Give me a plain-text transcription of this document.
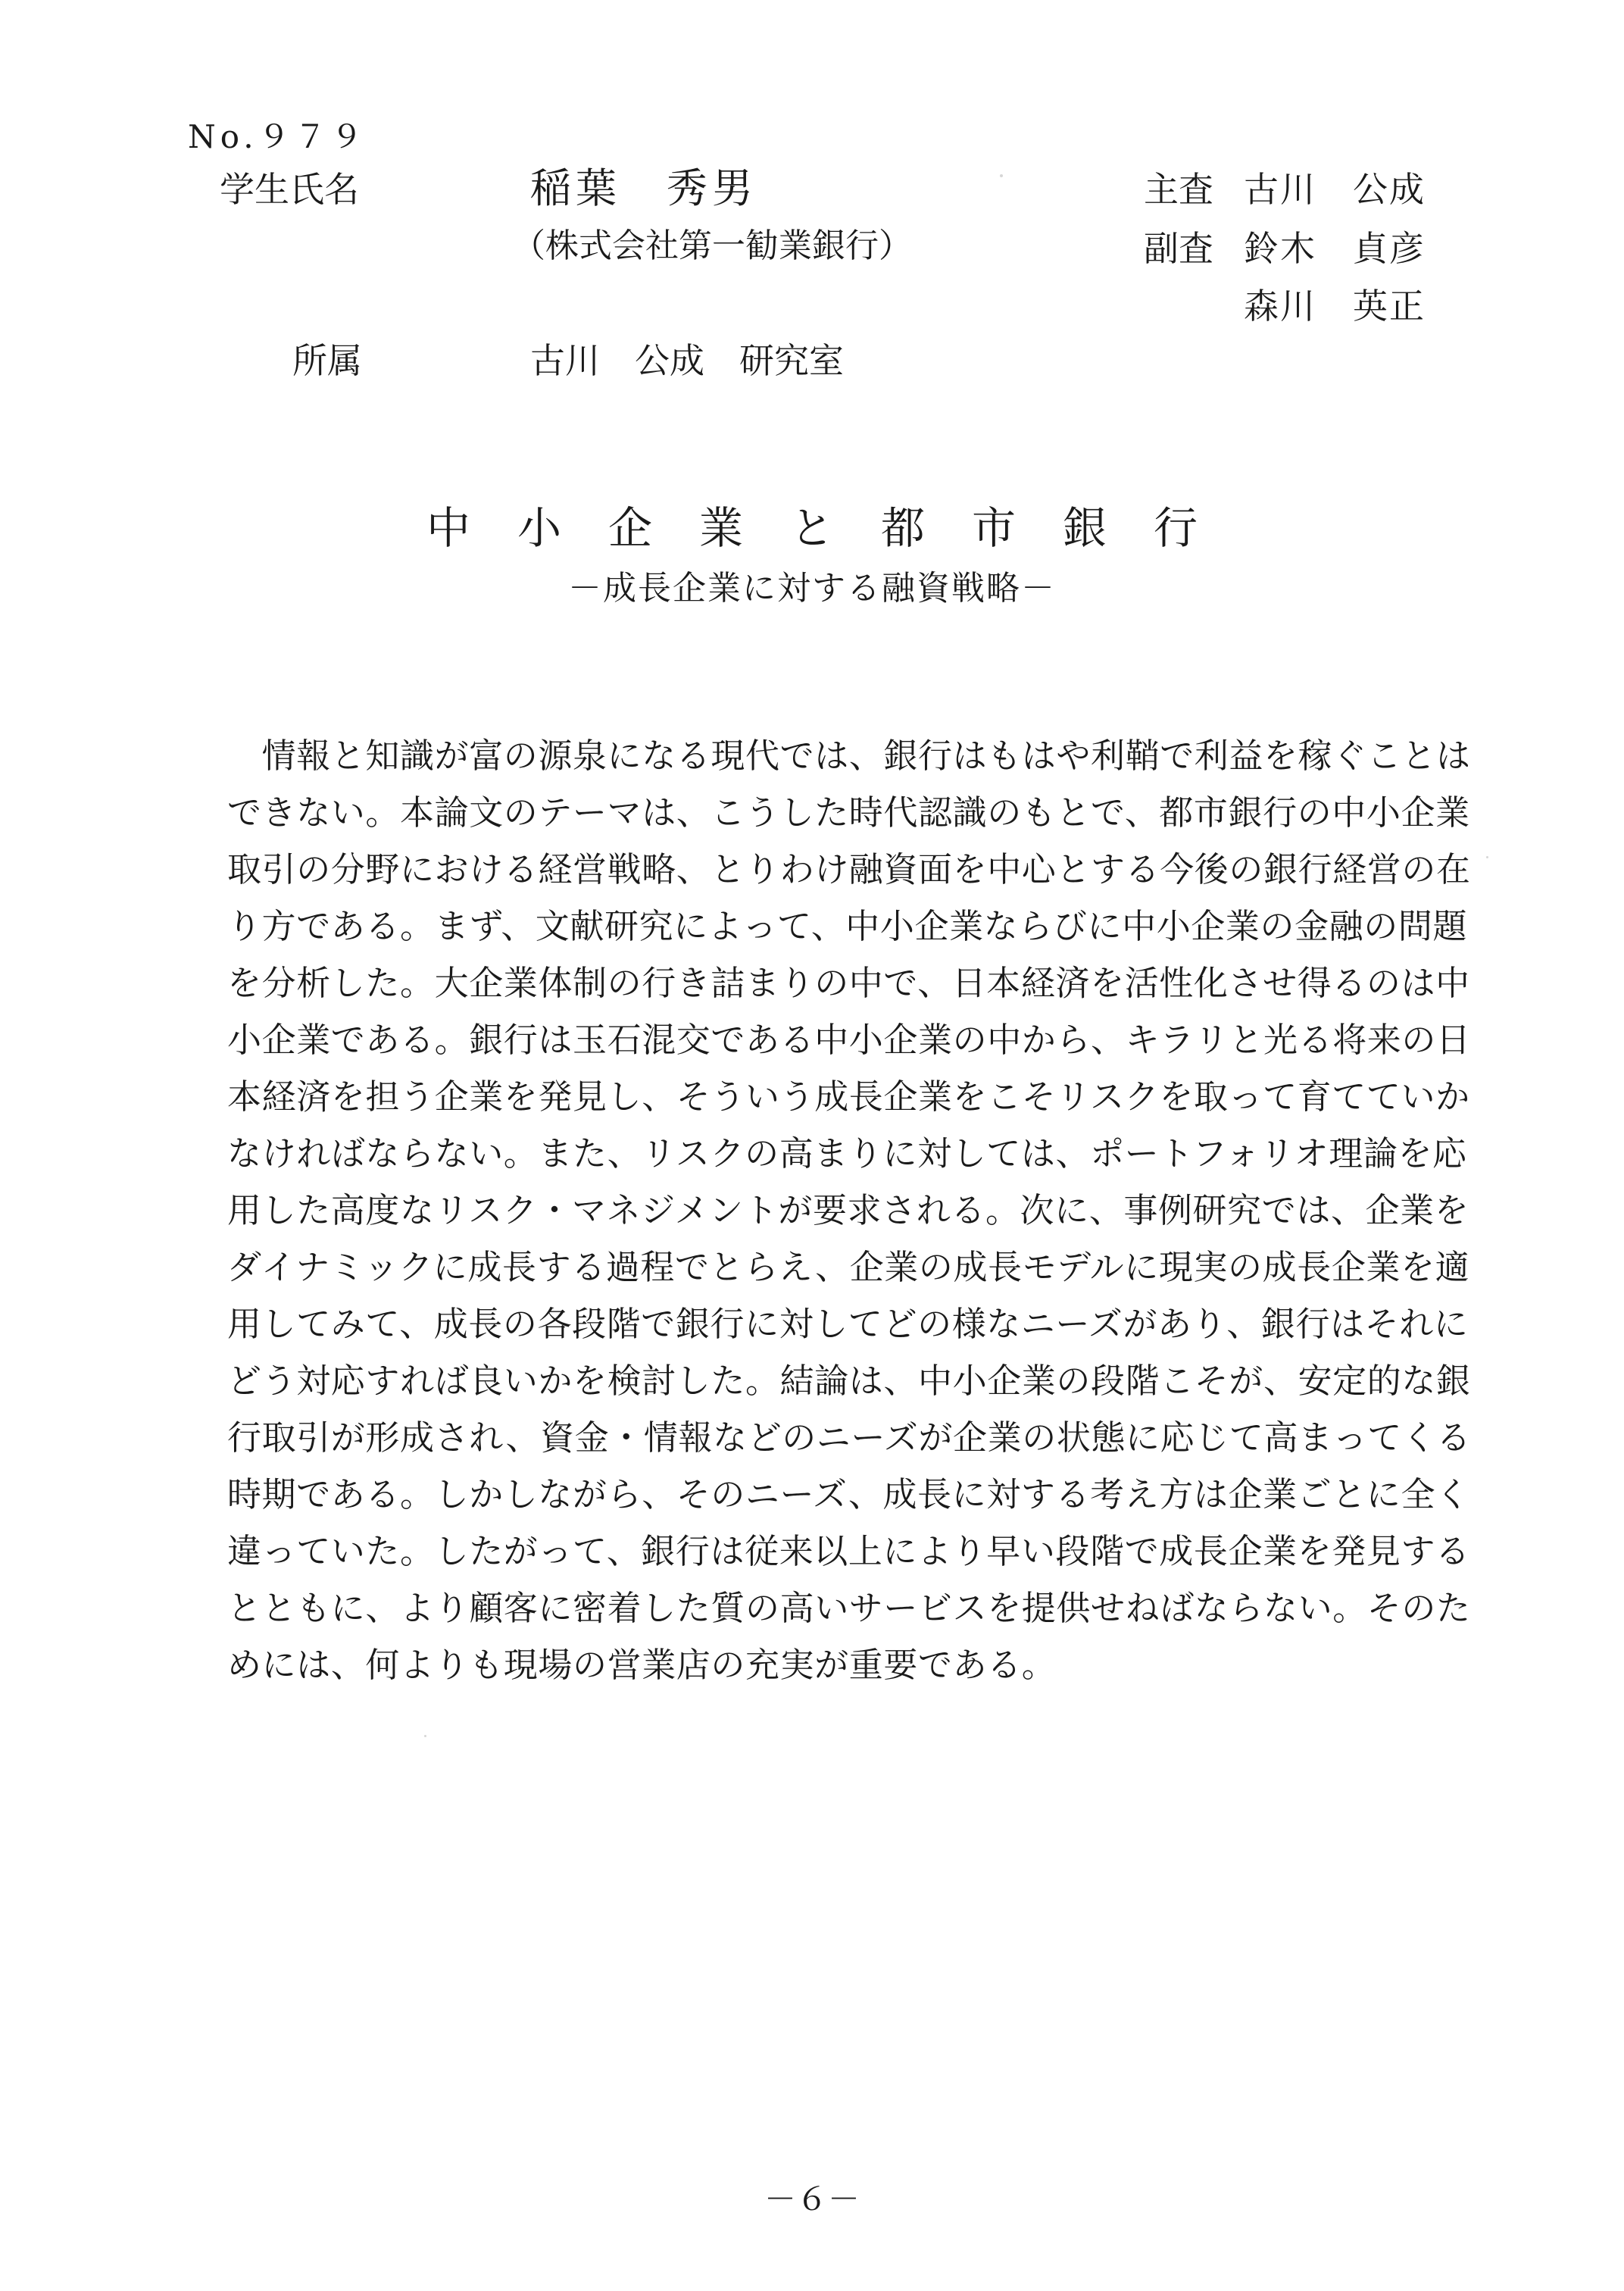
No.９７９
学生氏名	稲葉　秀男
（株式会社第一勧業銀行）
所属	古川　公成　研究室
主査 古川　公成
副査 鈴木　貞彦
森川　英正
中小企業と都市銀行
－成長企業に対する融資戦略－
　情報と知識が富の源泉になる現代では、銀行はもはや利鞘で利益を稼ぐことは
できない。本論文のテーマは、こうした時代認識のもとで、都市銀行の中小企業
取引の分野における経営戦略、とりわけ融資面を中心とする今後の銀行経営の在
り方である。まず、文献研究によって、中小企業ならびに中小企業の金融の問題
を分析した。大企業体制の行き詰まりの中で、日本経済を活性化させ得るのは中
小企業である。銀行は玉石混交である中小企業の中から、キラリと光る将来の日
本経済を担う企業を発見し、そういう成長企業をこそリスクを取って育てていか
なければならない。また、リスクの高まりに対しては、ポートフォリオ理論を応
用した高度なリスク・マネジメントが要求される。次に、事例研究では、企業を
ダイナミックに成長する過程でとらえ、企業の成長モデルに現実の成長企業を適
用してみて、成長の各段階で銀行に対してどの様なニーズがあり、銀行はそれに
どう対応すれば良いかを検討した。結論は、中小企業の段階こそが、安定的な銀
行取引が形成され、資金・情報などのニーズが企業の状態に応じて高まってくる
時期である。しかしながら、そのニーズ、成長に対する考え方は企業ごとに全く
違っていた。したがって、銀行は従来以上により早い段階で成長企業を発見する
とともに、より顧客に密着した質の高いサービスを提供せねばならない。そのた
めには、何よりも現場の営業店の充実が重要である。
－６－
